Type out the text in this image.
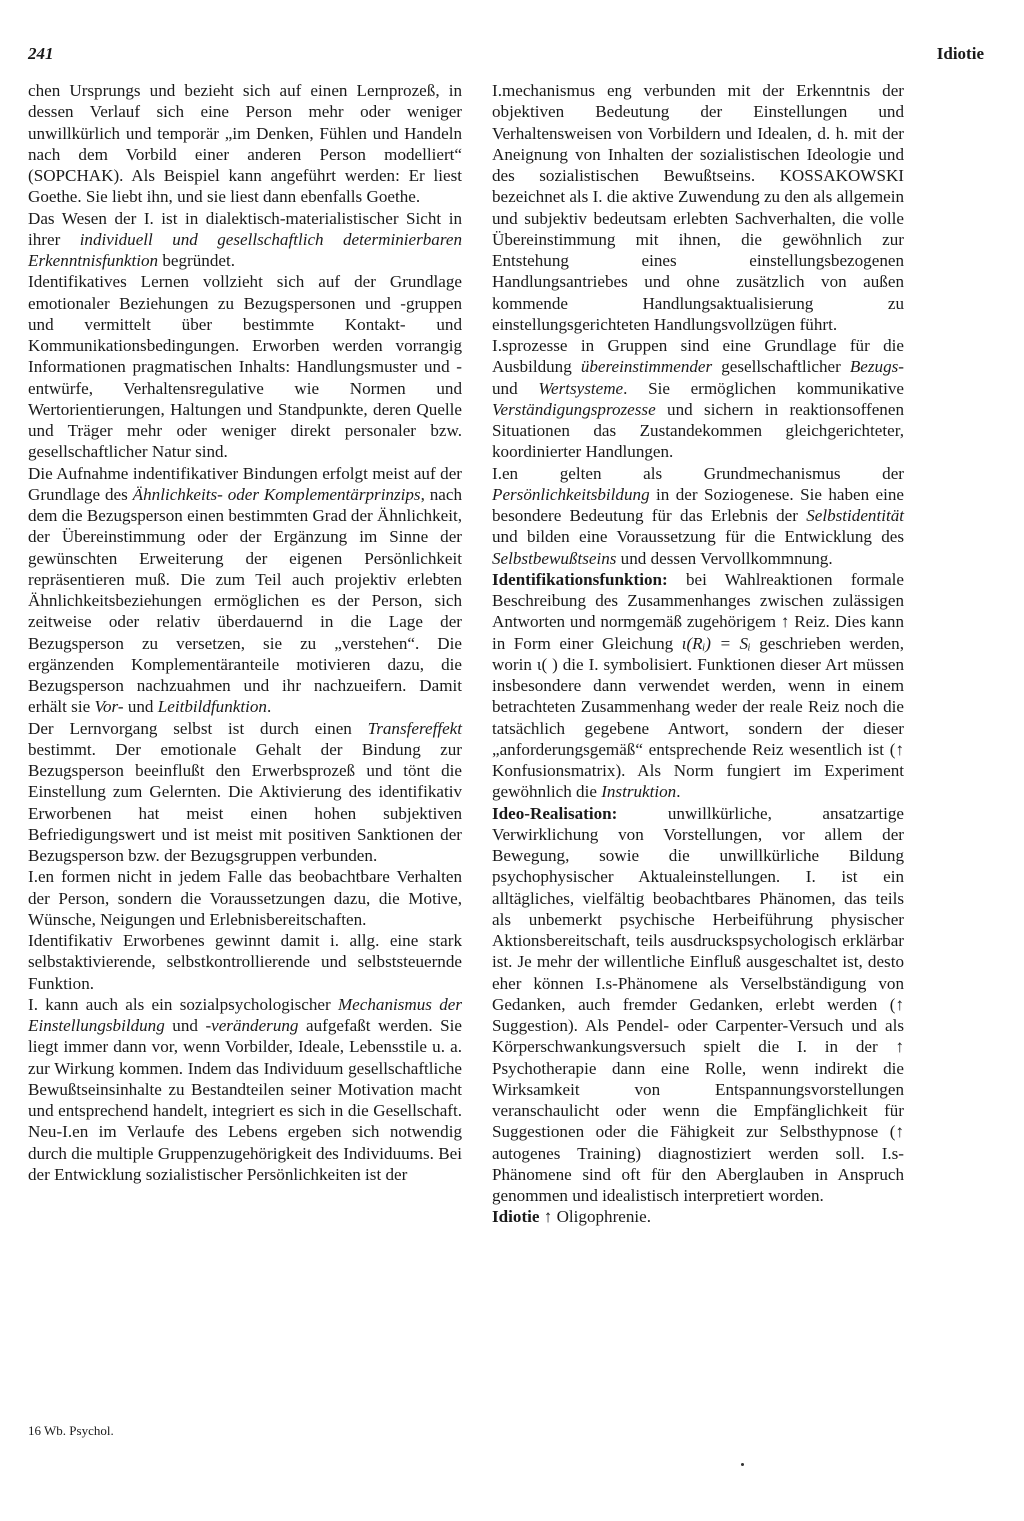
241	Idiotie

chen Ursprungs und bezieht sich auf einen Lernprozeß, in dessen Verlauf sich eine Person mehr oder weniger unwillkürlich und temporär „im Denken, Fühlen und Handeln nach dem Vorbild einer anderen Person modelliert“ (SOPCHAK). Als Beispiel kann angeführt werden: Er liest Goethe. Sie liebt ihn, und sie liest dann ebenfalls Goethe.

Das Wesen der I. ist in dialektisch-materialistischer Sicht in ihrer individuell und gesellschaftlich determinierbaren Erkenntnisfunktion begründet.

Identifikatives Lernen vollzieht sich auf der Grundlage emotionaler Beziehungen zu Bezugspersonen und -gruppen und vermittelt über bestimmte Kontakt- und Kommunikationsbedingungen. Erworben werden vorrangig Informationen pragmatischen Inhalts: Handlungsmuster und -entwürfe, Verhaltensregulative wie Normen und Wertorientierungen, Haltungen und Standpunkte, deren Quelle und Träger mehr oder weniger direkt personaler bzw. gesellschaftlicher Natur sind.

Die Aufnahme indentifikativer Bindungen erfolgt meist auf der Grundlage des Ähnlichkeits- oder Komplementärprinzips, nach dem die Bezugsperson einen bestimmten Grad der Ähnlichkeit, der Übereinstimmung oder der Ergänzung im Sinne der gewünschten Erweiterung der eigenen Persönlichkeit repräsentieren muß. Die zum Teil auch projektiv erlebten Ähnlichkeitsbeziehungen ermöglichen es der Person, sich zeitweise oder relativ überdauernd in die Lage der Bezugsperson zu versetzen, sie zu „verstehen“. Die ergänzenden Komplementäranteile motivieren dazu, die Bezugsperson nachzuahmen und ihr nachzueifern. Damit erhält sie Vor- und Leitbildfunktion.

Der Lernvorgang selbst ist durch einen Transfereffekt bestimmt. Der emotionale Gehalt der Bindung zur Bezugsperson beeinflußt den Erwerbsprozeß und tönt die Einstellung zum Gelernten. Die Aktivierung des identifikativ Erworbenen hat meist einen hohen subjektiven Befriedigungswert und ist meist mit positiven Sanktionen der Bezugsperson bzw. der Bezugsgruppen verbunden.

I.en formen nicht in jedem Falle das beobachtbare Verhalten der Person, sondern die Voraussetzungen dazu, die Motive, Wünsche, Neigungen und Erlebnisbereitschaften.

Identifikativ Erworbenes gewinnt damit i. allg. eine stark selbstaktivierende, selbstkontrollierende und selbststeuernde Funktion.

I. kann auch als ein sozialpsychologischer Mechanismus der Einstellungsbildung und -veränderung aufgefaßt werden. Sie liegt immer dann vor, wenn Vorbilder, Ideale, Lebensstile u. a. zur Wirkung kommen. Indem das Individuum gesellschaftliche Bewußtseinsinhalte zu Bestandteilen seiner Motivation macht und entsprechend handelt, integriert es sich in die Gesellschaft. Neu-I.en im Verlaufe des Lebens ergeben sich notwendig durch die multiple Gruppenzugehörigkeit des Individuums. Bei der Entwicklung sozialistischer Persönlichkeiten ist der

I.mechanismus eng verbunden mit der Erkenntnis der objektiven Bedeutung der Einstellungen und Verhaltensweisen von Vorbildern und Idealen, d. h. mit der Aneignung von Inhalten der sozialistischen Ideologie und des sozialistischen Bewußtseins. KOSSAKOWSKI bezeichnet als I. die aktive Zuwendung zu den als allgemein und subjektiv bedeutsam erlebten Sachverhalten, die volle Übereinstimmung mit ihnen, die gewöhnlich zur Entstehung eines einstellungsbezogenen Handlungsantriebes und ohne zusätzlich von außen kommende Handlungsaktualisierung zu einstellungsgerichteten Handlungsvollzügen führt.

I.sprozesse in Gruppen sind eine Grundlage für die Ausbildung übereinstimmender gesellschaftlicher Bezugs- und Wertsysteme. Sie ermöglichen kommunikative Verständigungsprozesse und sichern in reaktionsoffenen Situationen das Zustandekommen gleichgerichteter, koordinierter Handlungen.

I.en gelten als Grundmechanismus der Persönlichkeitsbildung in der Soziogenese. Sie haben eine besondere Bedeutung für das Erlebnis der Selbstidentität und bilden eine Voraussetzung für die Entwicklung des Selbstbewußtseins und dessen Vervollkommnung.

Identifikationsfunktion: bei Wahlreaktionen formale Beschreibung des Zusammenhanges zwischen zulässigen Antworten und normgemäß zugehörigem ↑ Reiz. Dies kann in Form einer Gleichung ι(Rᵢ) = Sᵢ geschrieben werden, worin ι( ) die I. symbolisiert. Funktionen dieser Art müssen insbesondere dann verwendet werden, wenn in einem betrachteten Zusammenhang weder der reale Reiz noch die tatsächlich gegebene Antwort, sondern der dieser „anforderungsgemäß“ entsprechende Reiz wesentlich ist (↑ Konfusionsmatrix). Als Norm fungiert im Experiment gewöhnlich die Instruktion.

Ideo-Realisation: unwillkürliche, ansatzartige Verwirklichung von Vorstellungen, vor allem der Bewegung, sowie die unwillkürliche Bildung psychophysischer Aktualeinstellungen. I. ist ein alltägliches, vielfältig beobachtbares Phänomen, das teils als unbemerkt psychische Herbeiführung physischer Aktionsbereitschaft, teils ausdruckspsychologisch erklärbar ist. Je mehr der willentliche Einfluß ausgeschaltet ist, desto eher können I.s-Phänomene als Verselbständigung von Gedanken, auch fremder Gedanken, erlebt werden (↑ Suggestion). Als Pendel- oder Carpenter-Versuch und als Körperschwankungsversuch spielt die I. in der ↑ Psychotherapie dann eine Rolle, wenn indirekt die Wirksamkeit von Entspannungsvorstellungen veranschaulicht oder wenn die Empfänglichkeit für Suggestionen oder die Fähigkeit zur Selbsthypnose (↑ autogenes Training) diagnostiziert werden soll. I.s-Phänomene sind oft für den Aberglauben in Anspruch genommen und idealistisch interpretiert worden.

Idiotie ↑ Oligophrenie.

16 Wb. Psychol.
